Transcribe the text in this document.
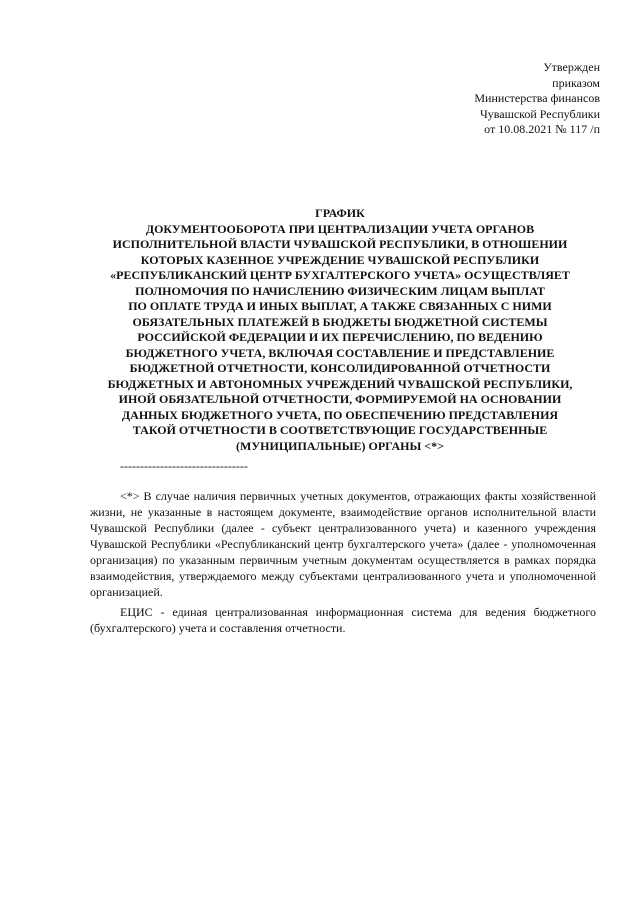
Утвержден
приказом
Министерства финансов
Чувашской Республики
от 10.08.2021 № 117 /п
ГРАФИК
ДОКУМЕНТООБОРОТА ПРИ ЦЕНТРАЛИЗАЦИИ УЧЕТА ОРГАНОВ
ИСПОЛНИТЕЛЬНОЙ ВЛАСТИ ЧУВАШСКОЙ РЕСПУБЛИКИ, В ОТНОШЕНИИ
КОТОРЫХ КАЗЕННОЕ УЧРЕЖДЕНИЕ ЧУВАШСКОЙ РЕСПУБЛИКИ
«РЕСПУБЛИКАНСКИЙ ЦЕНТР БУХГАЛТЕРСКОГО УЧЕТА» ОСУЩЕСТВЛЯЕТ
ПОЛНОМОЧИЯ ПО НАЧИСЛЕНИЮ ФИЗИЧЕСКИМ ЛИЦАМ ВЫПЛАТ
ПО ОПЛАТЕ ТРУДА И ИНЫХ ВЫПЛАТ, А ТАКЖЕ СВЯЗАННЫХ С НИМИ
ОБЯЗАТЕЛЬНЫХ ПЛАТЕЖЕЙ В БЮДЖЕТЫ БЮДЖЕТНОЙ СИСТЕМЫ
РОССИЙСКОЙ ФЕДЕРАЦИИ И ИХ ПЕРЕЧИСЛЕНИЮ, ПО ВЕДЕНИЮ
БЮДЖЕТНОГО УЧЕТА, ВКЛЮЧАЯ СОСТАВЛЕНИЕ И ПРЕДСТАВЛЕНИЕ
БЮДЖЕТНОЙ ОТЧЕТНОСТИ, КОНСОЛИДИРОВАННОЙ ОТЧЕТНОСТИ
БЮДЖЕТНЫХ И АВТОНОМНЫХ УЧРЕЖДЕНИЙ ЧУВАШСКОЙ РЕСПУБЛИКИ,
ИНОЙ ОБЯЗАТЕЛЬНОЙ ОТЧЕТНОСТИ, ФОРМИРУЕМОЙ НА ОСНОВАНИИ
ДАННЫХ БЮДЖЕТНОГО УЧЕТА, ПО ОБЕСПЕЧЕНИЮ ПРЕДСТАВЛЕНИЯ
ТАКОЙ ОТЧЕТНОСТИ В СООТВЕТСТВУЮЩИЕ ГОСУДАРСТВЕННЫЕ
(МУНИЦИПАЛЬНЫЕ) ОРГАНЫ <*>
--------------------------------
<*> В случае наличия первичных учетных документов, отражающих факты хозяйственной жизни, не указанные в настоящем документе, взаимодействие органов исполнительной власти Чувашской Республики (далее - субъект централизованного учета) и казенного учреждения Чувашской Республики «Республиканский центр бухгалтерского учета» (далее - уполномоченная организация) по указанным первичным учетным документам осуществляется в рамках порядка взаимодействия, утверждаемого между субъектами централизованного учета и уполномоченной организацией.
ЕЦИС - единая централизованная информационная система для ведения бюджетного (бухгалтерского) учета и составления отчетности.
